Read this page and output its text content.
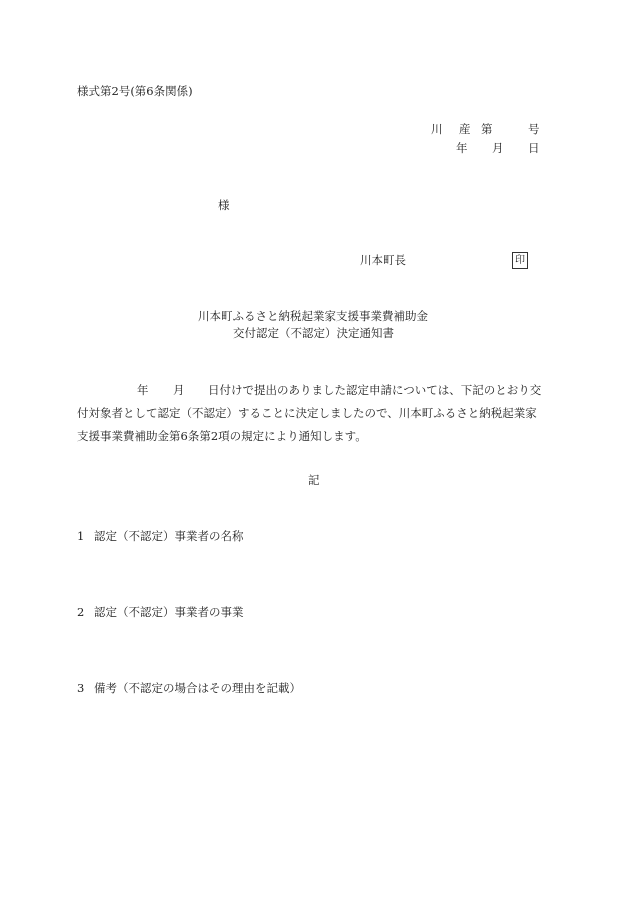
様式第2号(第6条関係)
川 産 第	号
年 月 日
様
川本町長	印
川本町ふるさと納税起業家支援事業費補助金
交付認定（不認定）決定通知書
年 月 日付けで提出のありました認定申請については、下記のとおり交
付対象者として認定（不認定）することに決定しましたので、川本町ふるさと納税起業家
支援事業費補助金第6条第2項の規定により通知します。
記
1 認定（不認定）事業者の名称
2 認定（不認定）事業者の事業
3 備考（不認定の場合はその理由を記載）
